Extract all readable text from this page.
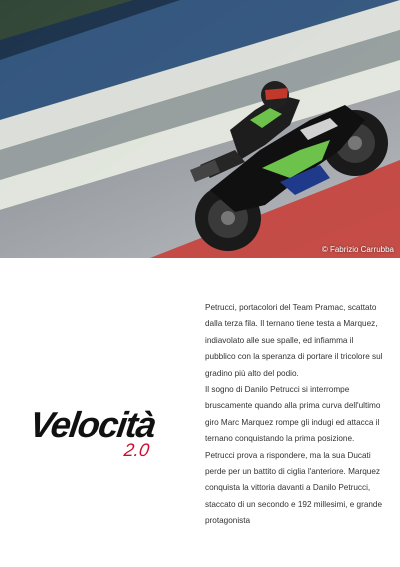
© Fabrizio Carrubba
Velocità
2.0

Petrucci, portacolori del Team Pramac, scattato dalla terza fila. Il ternano tiene testa a Marquez, indiavolato alle sue spalle, ed infiamma il pubblico con la speranza di portare il tricolore sul gradino più alto del podio.

Il sogno di Danilo Petrucci si interrompe bruscamente quando alla prima curva dell'ultimo giro Marc Marquez rompe gli indugi ed attacca il ternano conquistando la prima posizione. Petrucci prova a rispondere, ma la sua Ducati perde per un battito di ciglia l'anteriore. Marquez conquista la vittoria davanti a Danilo Petrucci, staccato di un secondo e 192 millesimi, e grande protagonista
